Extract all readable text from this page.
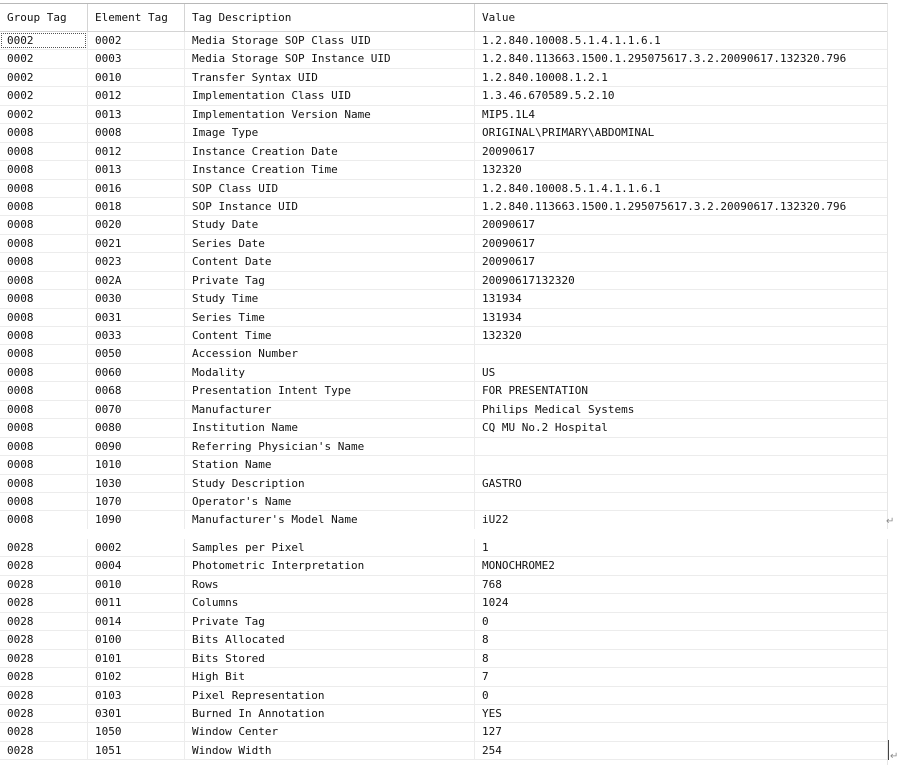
Group Tag	Element Tag	Tag Description	Value
0002	0002	Media Storage SOP Class UID	1.2.840.10008.5.1.4.1.1.6.1
0002	0003	Media Storage SOP Instance UID	1.2.840.113663.1500.1.295075617.3.2.20090617.132320.796
0002	0010	Transfer Syntax UID	1.2.840.10008.1.2.1
0002	0012	Implementation Class UID	1.3.46.670589.5.2.10
0002	0013	Implementation Version Name	MIP5.1L4
0008	0008	Image Type	ORIGINAL\PRIMARY\ABDOMINAL
0008	0012	Instance Creation Date	20090617
0008	0013	Instance Creation Time	132320
0008	0016	SOP Class UID	1.2.840.10008.5.1.4.1.1.6.1
0008	0018	SOP Instance UID	1.2.840.113663.1500.1.295075617.3.2.20090617.132320.796
0008	0020	Study Date	20090617
0008	0021	Series Date	20090617
0008	0023	Content Date	20090617
0008	002A	Private Tag	20090617132320
0008	0030	Study Time	131934
0008	0031	Series Time	131934
0008	0033	Content Time	132320
0008	0050	Accession Number
0008	0060	Modality	US
0008	0068	Presentation Intent Type	FOR PRESENTATION
0008	0070	Manufacturer	Philips Medical Systems
0008	0080	Institution Name	CQ MU No.2 Hospital
0008	0090	Referring Physician's Name
0008	1010	Station Name
0008	1030	Study Description	GASTRO
0008	1070	Operator's Name
0008	1090	Manufacturer's Model Name	iU22	↵
0028	0002	Samples per Pixel	1
0028	0004	Photometric Interpretation	MONOCHROME2
0028	0010	Rows	768
0028	0011	Columns	1024
0028	0014	Private Tag	0
0028	0100	Bits Allocated	8
0028	0101	Bits Stored	8
0028	0102	High Bit	7
0028	0103	Pixel Representation	0
0028	0301	Burned In Annotation	YES
0028	1050	Window Center	127
0028	1051	Window Width	254	↵
